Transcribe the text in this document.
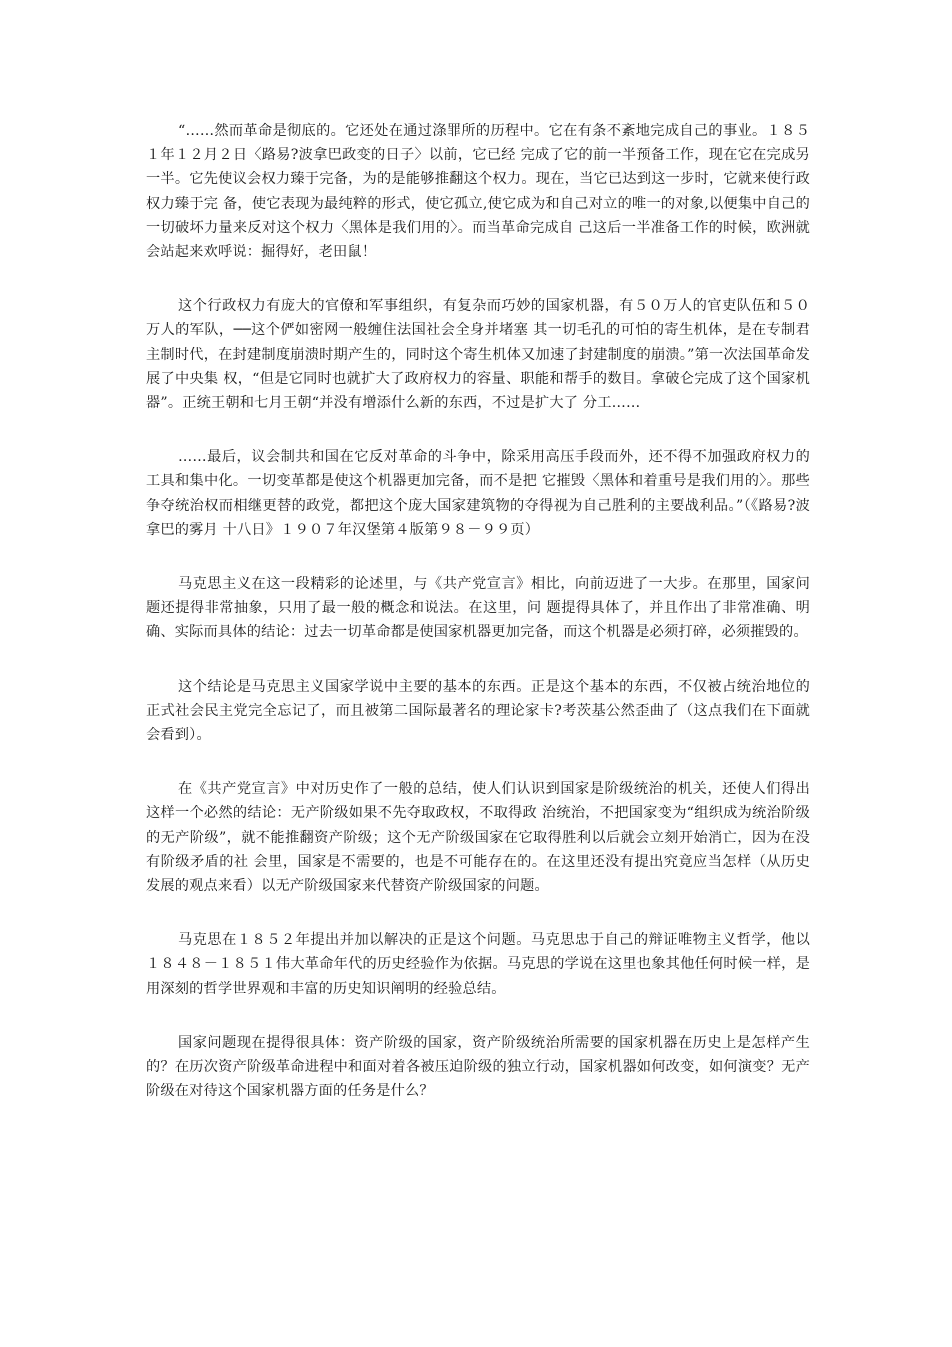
“……然而革命是彻底的。它还处在通过涤罪所的历程中。它在有条不紊地完成自己的事业。１８５１年１２月２日〈路易?波拿巴政变的日子〉以前，它已经 完成了它的前一半预备工作，现在它在完成另一半。它先使议会权力臻于完备，为的是能够推翻这个权力。现在，当它已达到这一步时，它就来使行政权力臻于完 备，使它表现为最纯粹的形式，使它孤立,使它成为和自己对立的唯一的对象,以便集中自己的一切破坏力量来反对这个权力〈黑体是我们用的〉。而当革命完成自 己这后一半准备工作的时候，欧洲就会站起来欢呼说：掘得好，老田鼠！

这个行政权力有庞大的官僚和军事组织，有复杂而巧妙的国家机器，有５０万人的官吏队伍和５０万人的军队，──这个俨如密网一般缠住法国社会全身并堵塞 其一切毛孔的可怕的寄生机体，是在专制君主制时代，在封建制度崩溃时期产生的，同时这个寄生机体又加速了封建制度的崩溃。”第一次法国革命发展了中央集 权，“但是它同时也就扩大了政府权力的容量、职能和帮手的数目。拿破仑完成了这个国家机器”。正统王朝和七月王朝“并没有增添什么新的东西，不过是扩大了 分工……

……最后，议会制共和国在它反对革命的斗争中，除采用高压手段而外，还不得不加强政府权力的工具和集中化。一切变革都是使这个机器更加完备，而不是把 它摧毁〈黑体和着重号是我们用的〉。那些争夺统治权而相继更替的政党，都把这个庞大国家建筑物的夺得视为自己胜利的主要战利品。”（《路易?波拿巴的雾月 十八日》１９０７年汉堡第４版第９８－９９页）

马克思主义在这一段精彩的论述里，与《共产党宣言》相比，向前迈进了一大步。在那里，国家问题还提得非常抽象，只用了最一般的概念和说法。在这里，问 题提得具体了，并且作出了非常准确、明确、实际而具体的结论：过去一切革命都是使国家机器更加完备，而这个机器是必须打碎，必须摧毁的。

这个结论是马克思主义国家学说中主要的基本的东西。正是这个基本的东西，不仅被占统治地位的正式社会民主党完全忘记了，而且被第二国际最著名的理论家卡?考茨基公然歪曲了（这点我们在下面就会看到）。

在《共产党宣言》中对历史作了一般的总结，使人们认识到国家是阶级统治的机关，还使人们得出这样一个必然的结论：无产阶级如果不先夺取政权，不取得政 治统治，不把国家变为“组织成为统治阶级的无产阶级”，就不能推翻资产阶级；这个无产阶级国家在它取得胜利以后就会立刻开始消亡，因为在没有阶级矛盾的社 会里，国家是不需要的，也是不可能存在的。在这里还没有提出究竟应当怎样（从历史发展的观点来看）以无产阶级国家来代替资产阶级国家的问题。

马克思在１８５２年提出并加以解决的正是这个问题。马克思忠于自己的辩证唯物主义哲学，他以１８４８－１８５１伟大革命年代的历史经验作为依据。马克思的学说在这里也象其他任何时候一样，是用深刻的哲学世界观和丰富的历史知识阐明的经验总结。

国家问题现在提得很具体：资产阶级的国家，资产阶级统治所需要的国家机器在历史上是怎样产生的？在历次资产阶级革命进程中和面对着各被压迫阶级的独立行动，国家机器如何改变，如何演变？无产阶级在对待这个国家机器方面的任务是什么？
